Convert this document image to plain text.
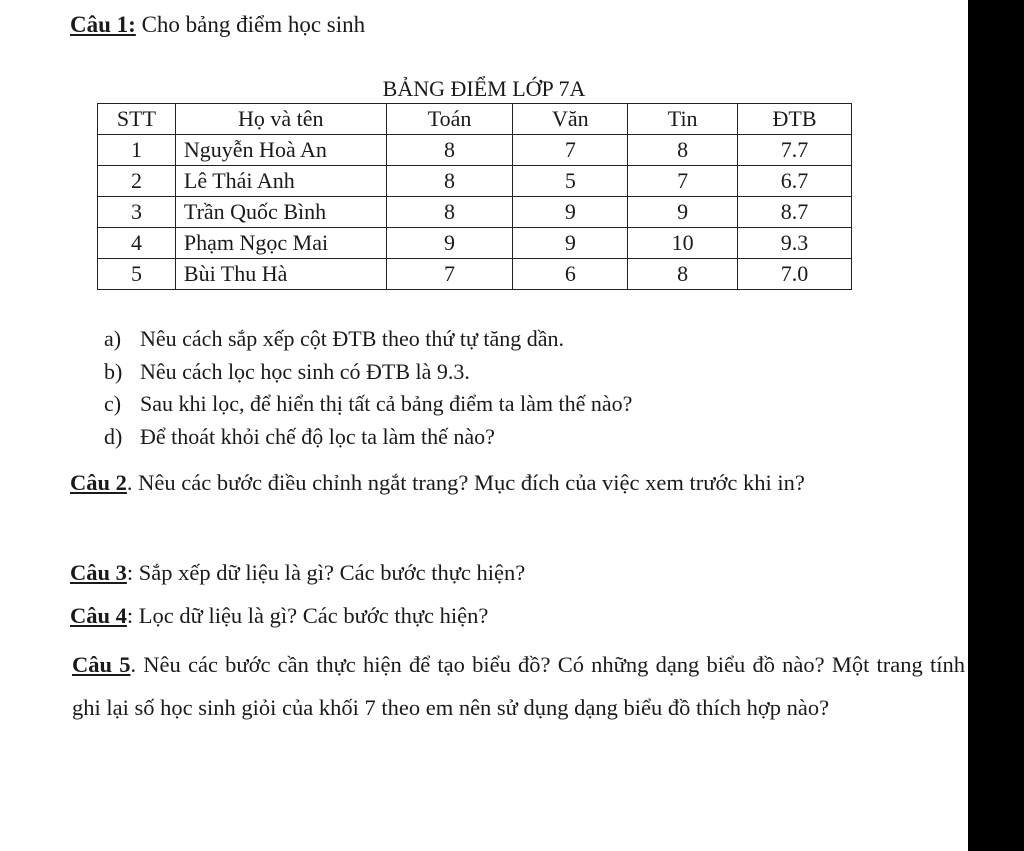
Câu 1: Cho bảng điểm học sinh
BẢNG ĐIỂM LỚP 7A
STT	Họ và tên	Toán	Văn	Tin	ĐTB
1	Nguyễn Hoà An	8	7	8	7.7
2	Lê Thái Anh	8	5	7	6.7
3	Trần Quốc Bình	8	9	9	8.7
4	Phạm Ngọc Mai	9	9	10	9.3
5	Bùi Thu Hà	7	6	8	7.0
a) Nêu cách sắp xếp cột ĐTB theo thứ tự tăng dần.
b) Nêu cách lọc học sinh có ĐTB là 9.3.
c) Sau khi lọc, để hiển thị tất cả bảng điểm ta làm thế nào?
d) Để thoát khỏi chế độ lọc ta làm thế nào?
Câu 2. Nêu các bước điều chỉnh ngắt trang? Mục đích của việc xem trước khi in?
Câu 3: Sắp xếp dữ liệu là gì? Các bước thực hiện?
Câu 4: Lọc dữ liệu là gì? Các bước thực hiện?
Câu 5. Nêu các bước cần thực hiện để tạo biểu đồ? Có những dạng biểu đồ nào? Một trang tính ghi lại số học sinh giỏi của khối 7 theo em nên sử dụng dạng biểu đồ thích hợp nào?
